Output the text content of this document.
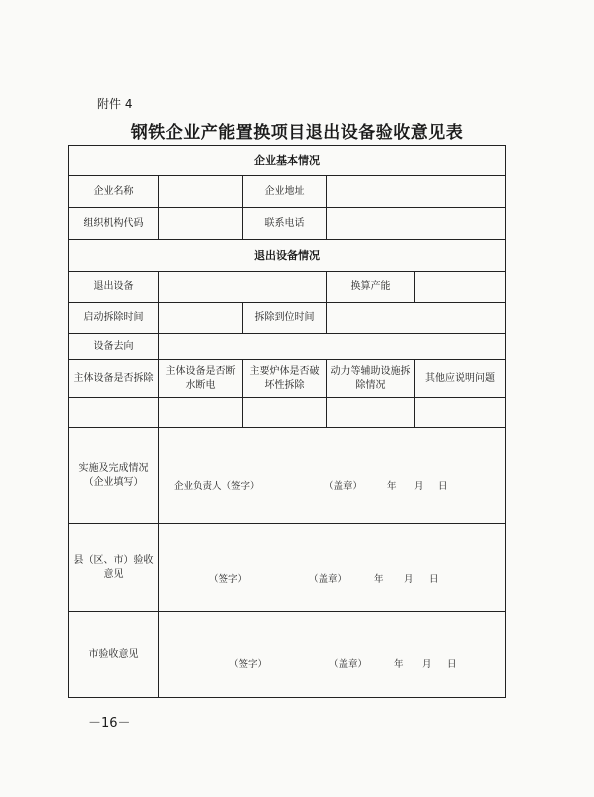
附件 4
钢铁企业产能置换项目退出设备验收意见表
企业基本情况				
企业名称		企业地址		
组织机构代码		联系电话		
退出设备情况				
退出设备			换算产能	
启动拆除时间		拆除到位时间		
设备去向				
主体设备是否拆除	主体设备是否断水断电	主要炉体是否破坏性拆除	动力等辅助设施拆除情况	其他应说明问题

实施及完成情况（企业填写）	企业负责人（签字） （盖章） 年 月 日			

县（区、市）验收意见	（签字） （盖章） 年 月 日			

市验收意见	（签字） （盖章） 年 月 日			
－16－
